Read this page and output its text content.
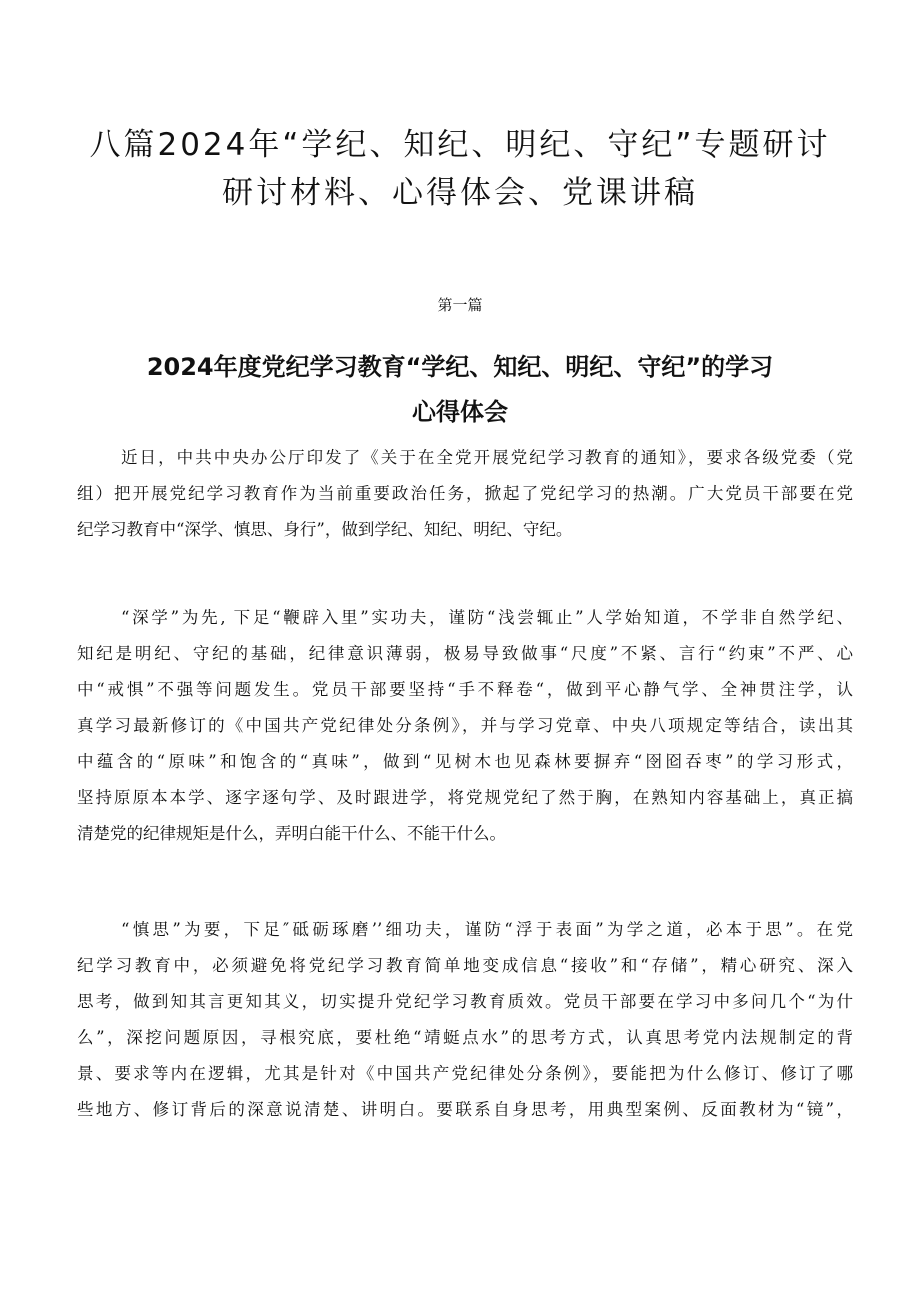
八篇2024年“学纪、知纪、明纪、守纪”专题研讨
研讨材料、心得体会、党课讲稿
第一篇
2024年度党纪学习教育“学纪、知纪、明纪、守纪”的学习
心得体会
近日，中共中央办公厅印发了《关于在全党开展党纪学习教育的通知》，要求各级党委（党
组）把开展党纪学习教育作为当前重要政治任务，掀起了党纪学习的热潮。广大党员干部要在党
纪学习教育中“深学、慎思、身行”，做到学纪、知纪、明纪、守纪。
“深学”为先, 下足“鞭辟入里”实功夫，谨防“浅尝辄止”人学始知道，不学非自然学纪、
知纪是明纪、守纪的基础，纪律意识薄弱，极易导致做事“尺度”不紧、言行“约束”不严、心
中“戒惧”不强等问题发生。党员干部要坚持“手不释卷“，做到平心静气学、全神贯注学，认
真学习最新修订的《中国共产党纪律处分条例》，并与学习党章、中央八项规定等结合，读出其
中蕴含的“原味”和饱含的“真味”，做到“见树木也见森林要摒弃“囹囵吞枣”的学习形式，
坚持原原本本学、逐字逐句学、及时跟进学，将党规党纪了然于胸，在熟知内容基础上，真正搞
清楚党的纪律规矩是什么，弄明白能干什么、不能干什么。
“慎思”为要，下足″砥砺琢磨’’细功夫，谨防“浮于表面”为学之道，必本于思”。在党
纪学习教育中，必须避免将党纪学习教育简单地变成信息“接收”和“存储”，精心研究、深入
思考，做到知其言更知其义，切实提升党纪学习教育质效。党员干部要在学习中多问几个“为什
么”，深挖问题原因，寻根究底，要杜绝“靖蜓点水”的思考方式，认真思考党内法规制定的背
景、要求等内在逻辑，尤其是针对《中国共产党纪律处分条例》，要能把为什么修订、修订了哪
些地方、修订背后的深意说清楚、讲明白。要联系自身思考，用典型案例、反面教材为“镜”，
